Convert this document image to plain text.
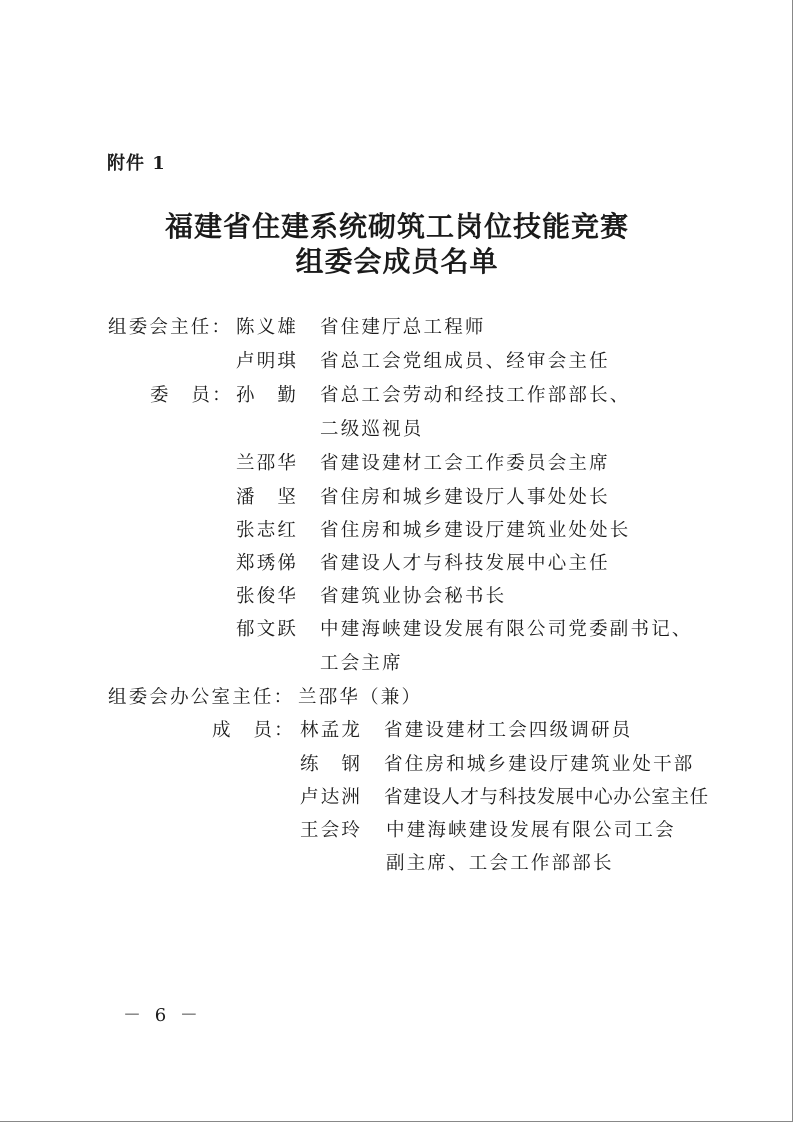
附件 1
福建省住建系统砌筑工岗位技能竞赛
组委会成员名单
组委会主任： 陈义雄 省住建厅总工程师
卢明琪 省总工会党组成员、经审会主任
委　员： 孙　勤 省总工会劳动和经技工作部部长、
二级巡视员
兰邵华 省建设建材工会工作委员会主席
潘　坚 省住房和城乡建设厅人事处处长
张志红 省住房和城乡建设厅建筑业处处长
郑琇俤 省建设人才与科技发展中心主任
张俊华 省建筑业协会秘书长
郁文跃 中建海峡建设发展有限公司党委副书记、
工会主席
组委会办公室主任： 兰邵华（兼）
成　员： 林孟龙 省建设建材工会四级调研员
练　钢 省住房和城乡建设厅建筑业处干部
卢达洲 省建设人才与科技发展中心办公室主任
王会玲 中建海峡建设发展有限公司工会
副主席、工会工作部部长
－ 6 －
